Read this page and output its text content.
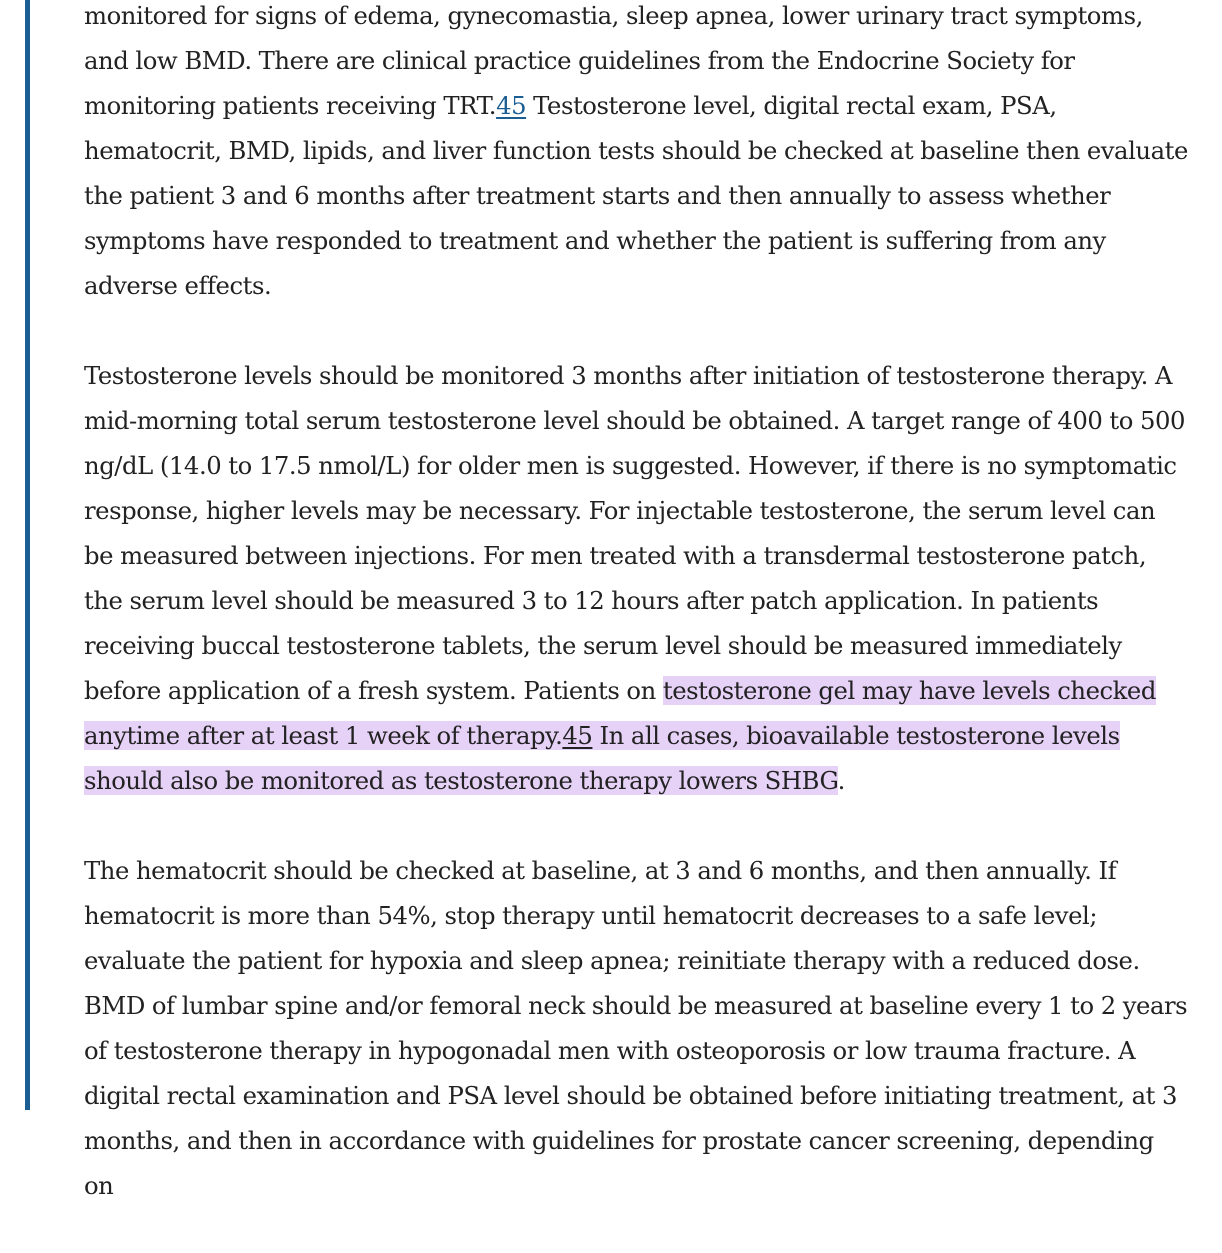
monitored for signs of edema, gynecomastia, sleep apnea, lower urinary tract symptoms, and low BMD. There are clinical practice guidelines from the Endocrine Society for monitoring patients receiving TRT.45 Testosterone level, digital rectal exam, PSA, hematocrit, BMD, lipids, and liver function tests should be checked at baseline then evaluate the patient 3 and 6 months after treatment starts and then annually to assess whether symptoms have responded to treatment and whether the patient is suffering from any adverse effects.

Testosterone levels should be monitored 3 months after initiation of testosterone therapy. A mid-morning total serum testosterone level should be obtained. A target range of 400 to 500 ng/dL (14.0 to 17.5 nmol/L) for older men is suggested. However, if there is no symptomatic response, higher levels may be necessary. For injectable testosterone, the serum level can be measured between injections. For men treated with a transdermal testosterone patch, the serum level should be measured 3 to 12 hours after patch application. In patients receiving buccal testosterone tablets, the serum level should be measured immediately before application of a fresh system. Patients on testosterone gel may have levels checked anytime after at least 1 week of therapy.45 In all cases, bioavailable testosterone levels should also be monitored as testosterone therapy lowers SHBG.

The hematocrit should be checked at baseline, at 3 and 6 months, and then annually. If hematocrit is more than 54%, stop therapy until hematocrit decreases to a safe level; evaluate the patient for hypoxia and sleep apnea; reinitiate therapy with a reduced dose. BMD of lumbar spine and/or femoral neck should be measured at baseline every 1 to 2 years of testosterone therapy in hypogonadal men with osteoporosis or low trauma fracture. A digital rectal examination and PSA level should be obtained before initiating treatment, at 3 months, and then in accordance with guidelines for prostate cancer screening, depending on
